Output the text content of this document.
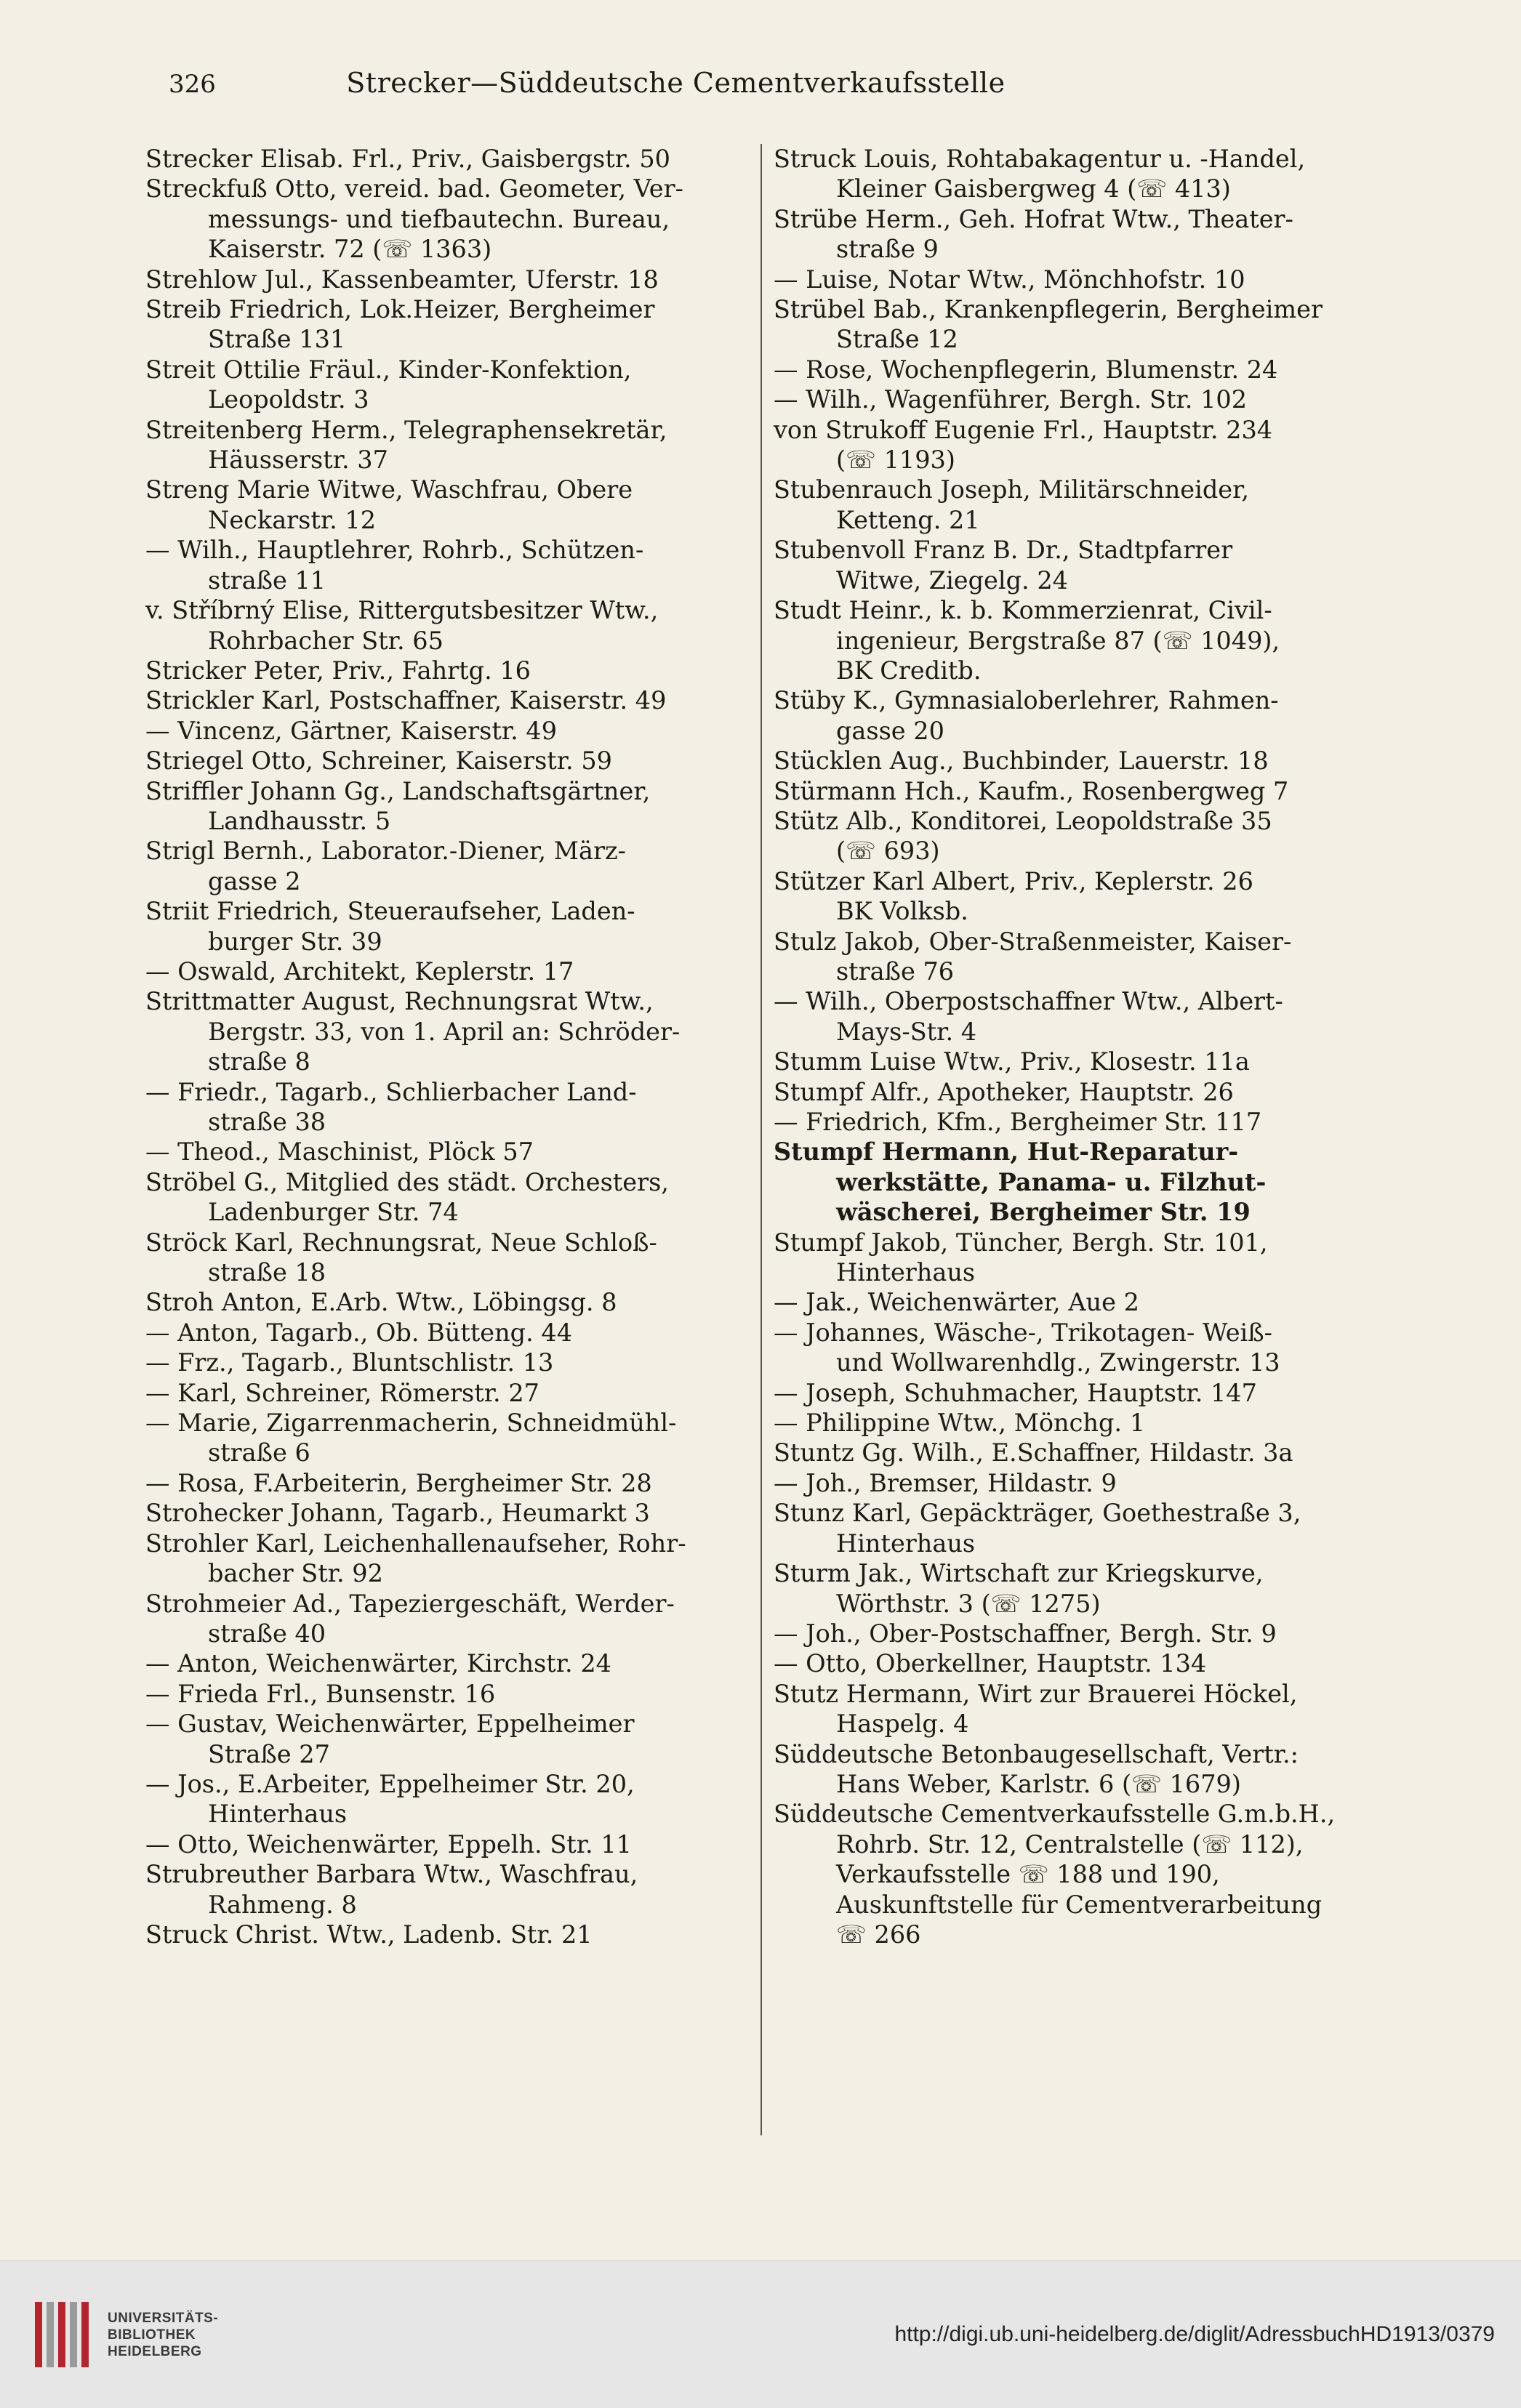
326	Strecker—Süddeutsche Cementverkaufsstelle
Strecker Elisab. Frl., Priv., Gaisbergstr. 50
Streckfuß Otto, vereid. bad. Geometer, Ver-
messungs- und tiefbautechn. Bureau,
Kaiserstr. 72 (☏ 1363)
Strehlow Jul., Kassenbeamter, Uferstr. 18
Streib Friedrich, Lok.Heizer, Bergheimer
Straße 131
Streit Ottilie Fräul., Kinder-Konfektion,
Leopoldstr. 3
Streitenberg Herm., Telegraphensekretär,
Häusserstr. 37
Streng Marie Witwe, Waschfrau, Obere
Neckarstr. 12
— Wilh., Hauptlehrer, Rohrb., Schützen-
straße 11
v. Stříbrný Elise, Rittergutsbesitzer Wtw.,
Rohrbacher Str. 65
Stricker Peter, Priv., Fahrtg. 16
Strickler Karl, Postschaffner, Kaiserstr. 49
— Vincenz, Gärtner, Kaiserstr. 49
Striegel Otto, Schreiner, Kaiserstr. 59
Striffler Johann Gg., Landschaftsgärtner,
Landhausstr. 5
Strigl Bernh., Laborator.-Diener, März-
gasse 2
Striit Friedrich, Steueraufseher, Laden-
burger Str. 39
— Oswald, Architekt, Keplerstr. 17
Strittmatter August, Rechnungsrat Wtw.,
Bergstr. 33, von 1. April an: Schröder-
straße 8
— Friedr., Tagarb., Schlierbacher Land-
straße 38
— Theod., Maschinist, Plöck 57
Ströbel G., Mitglied des städt. Orchesters,
Ladenburger Str. 74
Ströck Karl, Rechnungsrat, Neue Schloß-
straße 18
Stroh Anton, E.Arb. Wtw., Löbingsg. 8
— Anton, Tagarb., Ob. Bütteng. 44
— Frz., Tagarb., Bluntschlistr. 13
— Karl, Schreiner, Römerstr. 27
— Marie, Zigarrenmacherin, Schneidmühl-
straße 6
— Rosa, F.Arbeiterin, Bergheimer Str. 28
Strohecker Johann, Tagarb., Heumarkt 3
Strohler Karl, Leichenhallenaufseher, Rohr-
bacher Str. 92
Strohmeier Ad., Tapeziergeschäft, Werder-
straße 40
— Anton, Weichenwärter, Kirchstr. 24
— Frieda Frl., Bunsenstr. 16
— Gustav, Weichenwärter, Eppelheimer
Straße 27
— Jos., E.Arbeiter, Eppelheimer Str. 20,
Hinterhaus
— Otto, Weichenwärter, Eppelh. Str. 11
Strubreuther Barbara Wtw., Waschfrau,
Rahmeng. 8
Struck Christ. Wtw., Ladenb. Str. 21
Struck Louis, Rohtabakagentur u. -Handel,
Kleiner Gaisbergweg 4 (☏ 413)
Strübe Herm., Geh. Hofrat Wtw., Theater-
straße 9
— Luise, Notar Wtw., Mönchhofstr. 10
Strübel Bab., Krankenpflegerin, Bergheimer
Straße 12
— Rose, Wochenpflegerin, Blumenstr. 24
— Wilh., Wagenführer, Bergh. Str. 102
von Strukoff Eugenie Frl., Hauptstr. 234
(☏ 1193)
Stubenrauch Joseph, Militärschneider,
Ketteng. 21
Stubenvoll Franz B. Dr., Stadtpfarrer
Witwe, Ziegelg. 24
Studt Heinr., k. b. Kommerzienrat, Civil-
ingenieur, Bergstraße 87 (☏ 1049),
BK Creditb.
Stüby K., Gymnasialoberlehrer, Rahmen-
gasse 20
Stücklen Aug., Buchbinder, Lauerstr. 18
Stürmann Hch., Kaufm., Rosenbergweg 7
Stütz Alb., Konditorei, Leopoldstraße 35
(☏ 693)
Stützer Karl Albert, Priv., Keplerstr. 26
BK Volksb.
Stulz Jakob, Ober-Straßenmeister, Kaiser-
straße 76
— Wilh., Oberpostschaffner Wtw., Albert-
Mays-Str. 4
Stumm Luise Wtw., Priv., Klosestr. 11a
Stumpf Alfr., Apotheker, Hauptstr. 26
— Friedrich, Kfm., Bergheimer Str. 117
Stumpf Hermann, Hut-Reparatur-
werkstätte, Panama- u. Filzhut-
wäscherei, Bergheimer Str. 19
Stumpf Jakob, Tüncher, Bergh. Str. 101,
Hinterhaus
— Jak., Weichenwärter, Aue 2
— Johannes, Wäsche-, Trikotagen- Weiß-
und Wollwarenhdlg., Zwingerstr. 13
— Joseph, Schuhmacher, Hauptstr. 147
— Philippine Wtw., Mönchg. 1
Stuntz Gg. Wilh., E.Schaffner, Hildastr. 3a
— Joh., Bremser, Hildastr. 9
Stunz Karl, Gepäckträger, Goethestraße 3,
Hinterhaus
Sturm Jak., Wirtschaft zur Kriegskurve,
Wörthstr. 3 (☏ 1275)
— Joh., Ober-Postschaffner, Bergh. Str. 9
— Otto, Oberkellner, Hauptstr. 134
Stutz Hermann, Wirt zur Brauerei Höckel,
Haspelg. 4
Süddeutsche Betonbaugesellschaft, Vertr.:
Hans Weber, Karlstr. 6 (☏ 1679)
Süddeutsche Cementverkaufsstelle G.m.b.H.,
Rohrb. Str. 12, Centralstelle (☏ 112),
Verkaufsstelle ☏ 188 und 190,
Auskunftstelle für Cementverarbeitung
☏ 266
UNIVERSITÄTS-
BIBLIOTHEK
HEIDELBERG
http://digi.ub.uni-heidelberg.de/diglit/AdressbuchHD1913/0379
